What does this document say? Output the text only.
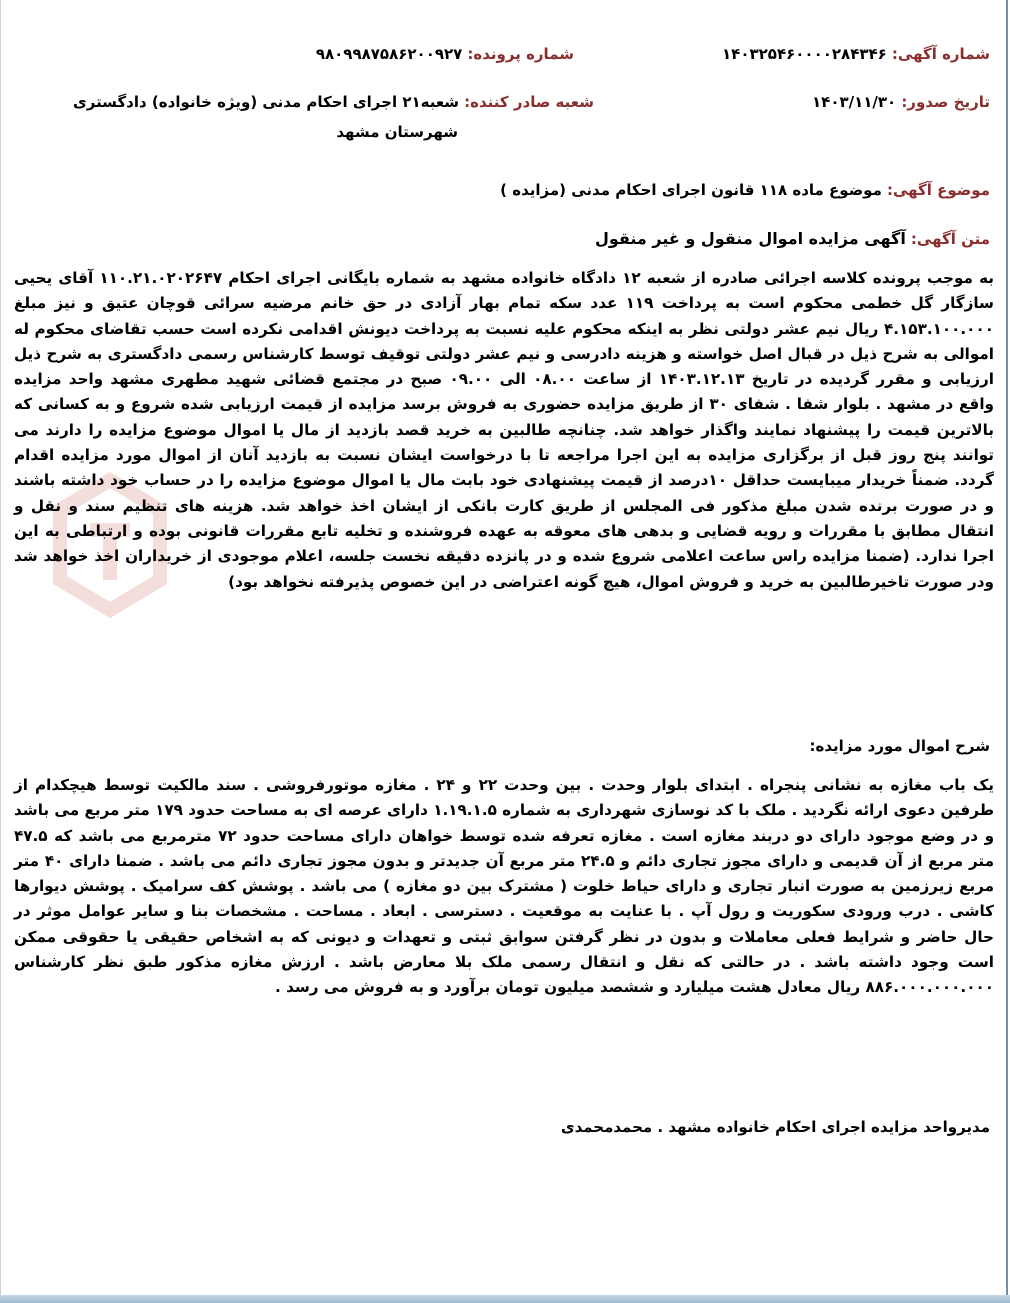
شماره آگهی: ۱۴۰۳۲۵۴۶۰۰۰۰۲۸۴۳۴۶
شماره پرونده: ۹۸۰۹۹۸۷۵۸۶۲۰۰۹۲۷
تاریخ صدور: ۱۴۰۳/۱۱/۳۰
شعبه صادر کننده: شعبه۲۱ اجرای احکام مدنی (ویژه خانواده) دادگستری
شهرستان مشهد
موضوع آگهی: موضوع ماده ۱۱۸ قانون اجرای احکام مدنی (مزایده )
متن آگهی: آگهی مزایده اموال منقول و غیر منقول
به موجب پرونده کلاسه اجرائی صادره از شعبه ۱۲ دادگاه خانواده مشهد به شماره بایگانی اجرای احکام ۱۱۰.۲۱.۰۲۰۲۶۴۷ آقای یحیی سازگار گل خطمی محکوم است به پرداخت ۱۱۹ عدد سکه تمام بهار آزادی در حق خانم مرضیه سرائی قوچان عتیق و نیز مبلغ ۴.۱۵۳.۱۰۰.۰۰۰ ریال نیم عشر دولتی نظر به اینکه محکوم علیه نسبت به پرداخت دیونش اقدامی نکرده است حسب تقاضای محکوم له اموالی به شرح ذیل در قبال اصل خواسته و هزینه دادرسی و نیم عشر دولتی توقیف توسط کارشناس رسمی دادگستری به شرح ذیل ارزیابی و مقرر گردیده در تاریخ ۱۴۰۳.۱۲.۱۳ از ساعت ۰۸.۰۰ الی ۰۹.۰۰ صبح در مجتمع قضائی شهید مطهری مشهد واحد مزایده واقع در مشهد . بلوار شفا . شفای ۳۰ از طریق مزایده حضوری به فروش برسد مزایده از قیمت ارزیابی شده شروع و به کسانی که بالاترین قیمت را پیشنهاد نمایند واگذار خواهد شد. چنانچه طالبین به خرید قصد بازدید از مال یا اموال موضوع مزایده را دارند می توانند پنج روز قبل از برگزاری مزایده به این اجرا مراجعه تا با درخواست ایشان نسبت به بازدید آنان از اموال مورد مزایده اقدام گردد. ضمناً خریدار میبایست حداقل ۱۰درصد از قیمت پیشنهادی خود بابت مال یا اموال موضوع مزایده را در حساب خود داشته باشند و در صورت برنده شدن مبلغ مذکور فی المجلس از طریق کارت بانکی از ایشان اخذ خواهد شد. هزینه های تنظیم سند و نقل و انتقال مطابق با مقررات و رویه قضایی و بدهی های معوقه به عهده فروشنده و تخلیه تابع مقررات قانونی بوده و ارتباطی به این اجرا ندارد. (ضمنا مزایده راس ساعت اعلامی شروع شده و در پانزده دقیقه نخست جلسه، اعلام موجودی از خریداران اخذ خواهد شد ودر صورت تاخیرطالبین به خرید و فروش اموال، هیچ گونه اعتراضی در این خصوص پذیرفته نخواهد بود)
شرح اموال مورد مزایده:
یک باب مغازه به نشانی پنجراه . ابتدای بلوار وحدت . بین وحدت ۲۲ و ۲۴ . مغازه موتورفروشی . سند مالکیت توسط هیچکدام از طرفین دعوی ارائه نگردید . ملک با کد نوسازی شهرداری به شماره ۱.۱۹.۱.۵ دارای عرصه ای به مساحت حدود ۱۷۹ متر مربع می باشد و در وضع موجود دارای دو دربند مغازه است . مغازه تعرفه شده توسط خواهان دارای مساحت حدود ۷۲ مترمربع می باشد که ۴۷.۵ متر مربع از آن قدیمی و دارای مجوز تجاری دائم و ۲۴.۵ متر مربع آن جدیدتر و بدون مجوز تجاری دائم می باشد . ضمنا دارای ۴۰ متر مربع زیرزمین به صورت انبار تجاری و دارای حیاط خلوت ( مشترک بین دو مغازه ) می باشد . پوشش کف سرامیک . پوشش دیوارها کاشی . درب ورودی سکوریت و رول آپ . با عنایت به موقعیت . دسترسی . ابعاد . مساحت . مشخصات بنا و سایر عوامل موثر در حال حاضر و شرایط فعلی معاملات و بدون در نظر گرفتن سوابق ثبتی و تعهدات و دیونی که به اشخاص حقیقی یا حقوقی ممکن است وجود داشته باشد . در حالتی که نقل و انتقال رسمی ملک بلا معارض باشد . ارزش مغازه مذکور طبق نظر کارشناس ۸۸۶.۰۰۰.۰۰۰.۰۰۰ ریال معادل هشت میلیارد و ششصد میلیون تومان برآورد و به فروش می رسد .
مدیرواحد مزایده اجرای احکام خانواده مشهد . محمدمحمدی
